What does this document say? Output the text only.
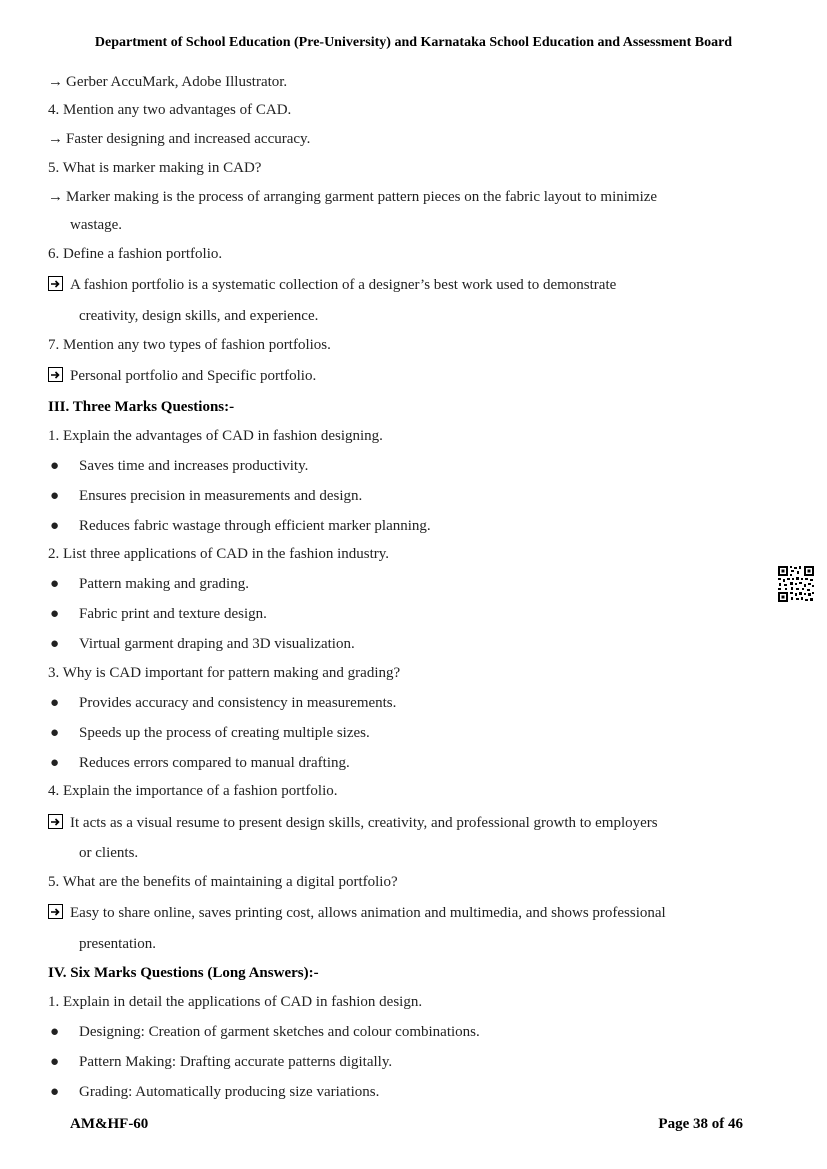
Department of School Education (Pre-University) and Karnataka School Education and Assessment Board
→ Gerber AccuMark, Adobe Illustrator.
4. Mention any two advantages of CAD.
→ Faster designing and increased accuracy.
5. What is marker making in CAD?
→ Marker making is the process of arranging garment pattern pieces on the fabric layout to minimize
wastage.
6. Define a fashion portfolio.
A fashion portfolio is a systematic collection of a designer’s best work used to demonstrate
creativity, design skills, and experience.
7. Mention any two types of fashion portfolios.
Personal portfolio and Specific portfolio.
III. Three Marks Questions:-
1. Explain the advantages of CAD in fashion designing.
● Saves time and increases productivity.
● Ensures precision in measurements and design.
● Reduces fabric wastage through efficient marker planning.
2. List three applications of CAD in the fashion industry.
● Pattern making and grading.
● Fabric print and texture design.
● Virtual garment draping and 3D visualization.
3. Why is CAD important for pattern making and grading?
● Provides accuracy and consistency in measurements.
● Speeds up the process of creating multiple sizes.
● Reduces errors compared to manual drafting.
4. Explain the importance of a fashion portfolio.
It acts as a visual resume to present design skills, creativity, and professional growth to employers
or clients.
5. What are the benefits of maintaining a digital portfolio?
Easy to share online, saves printing cost, allows animation and multimedia, and shows professional
presentation.
IV. Six Marks Questions (Long Answers):-
1. Explain in detail the applications of CAD in fashion design.
● Designing: Creation of garment sketches and colour combinations.
● Pattern Making: Drafting accurate patterns digitally.
● Grading: Automatically producing size variations.
AM&HF-60	Page 38 of 46
